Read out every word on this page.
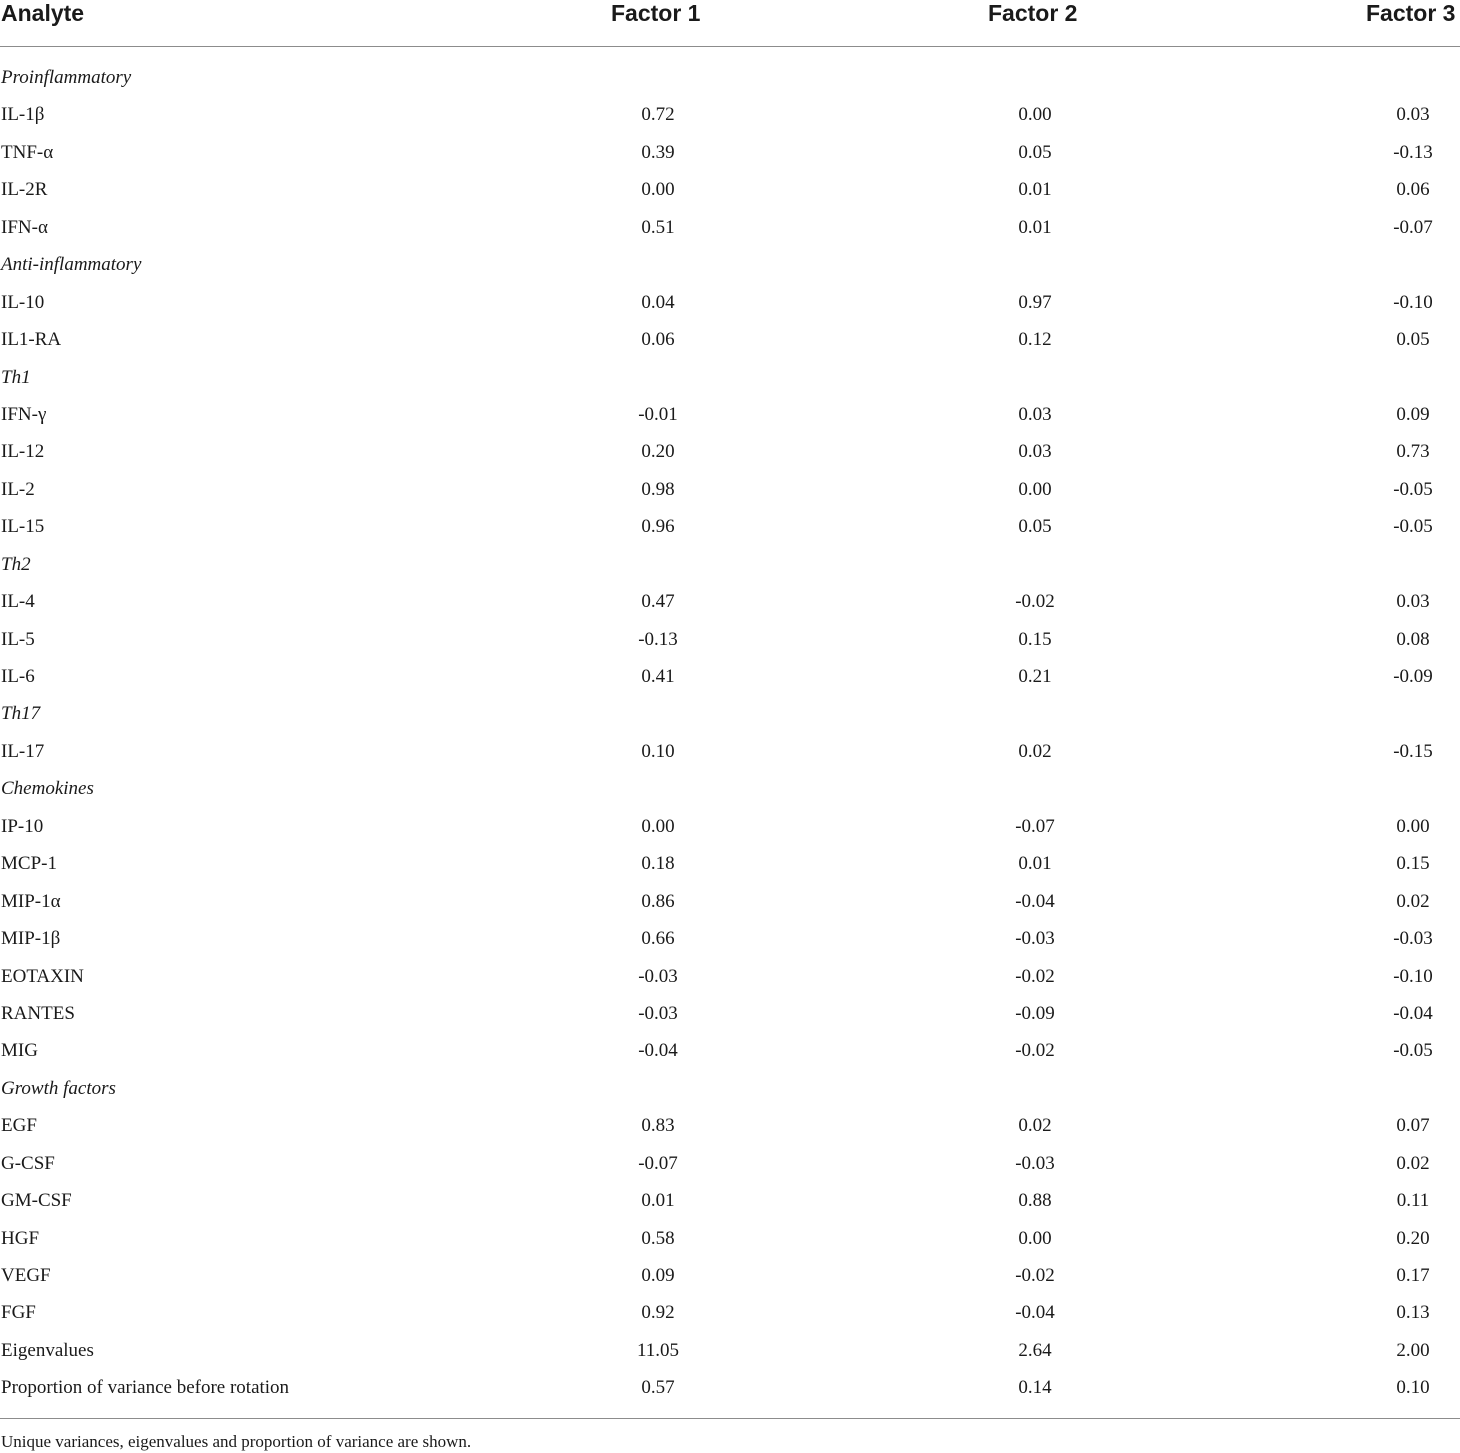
Analyte	Factor 1	Factor 2	Factor 3
Proinflammatory
IL-1β	0.72	0.00	0.03
TNF-α	0.39	0.05	-0.13
IL-2R	0.00	0.01	0.06
IFN-α	0.51	0.01	-0.07
Anti-inflammatory
IL-10	0.04	0.97	-0.10
IL1-RA	0.06	0.12	0.05
Th1
IFN-γ	-0.01	0.03	0.09
IL-12	0.20	0.03	0.73
IL-2	0.98	0.00	-0.05
IL-15	0.96	0.05	-0.05
Th2
IL-4	0.47	-0.02	0.03
IL-5	-0.13	0.15	0.08
IL-6	0.41	0.21	-0.09
Th17
IL-17	0.10	0.02	-0.15
Chemokines
IP-10	0.00	-0.07	0.00
MCP-1	0.18	0.01	0.15
MIP-1α	0.86	-0.04	0.02
MIP-1β	0.66	-0.03	-0.03
EOTAXIN	-0.03	-0.02	-0.10
RANTES	-0.03	-0.09	-0.04
MIG	-0.04	-0.02	-0.05
Growth factors
EGF	0.83	0.02	0.07
G-CSF	-0.07	-0.03	0.02
GM-CSF	0.01	0.88	0.11
HGF	0.58	0.00	0.20
VEGF	0.09	-0.02	0.17
FGF	0.92	-0.04	0.13
Eigenvalues	11.05	2.64	2.00
Proportion of variance before rotation	0.57	0.14	0.10
Unique variances, eigenvalues and proportion of variance are shown.
